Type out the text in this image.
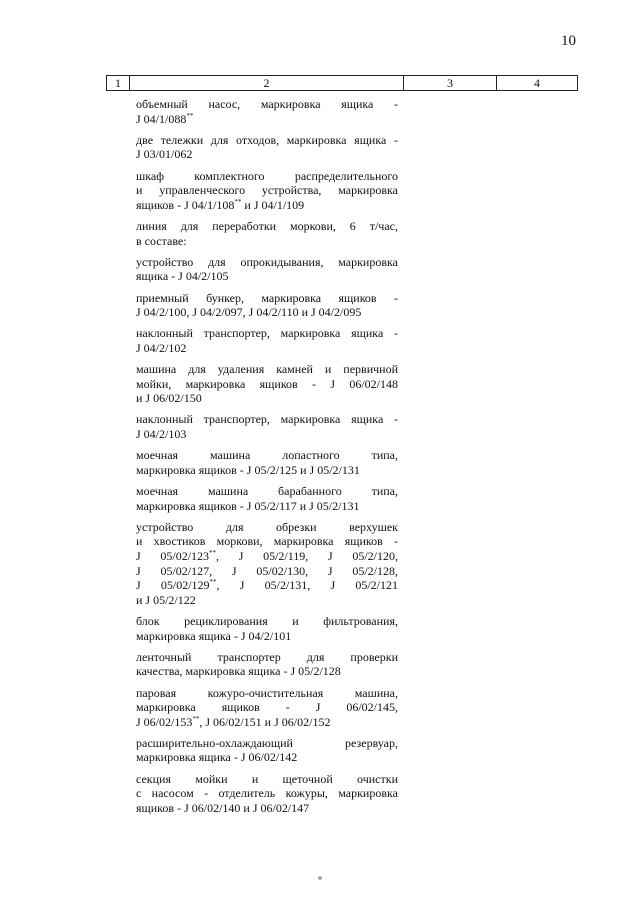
10
1	2	3	4
объемный насос, маркировка ящика -
J 04/1/088**
две тележки для отходов, маркировка ящика -
J 03/01/062
шкаф комплектного распределительного
и управленческого устройства, маркировка
ящиков - J 04/1/108** и J 04/1/109
линия для переработки моркови, 6 т/час,
в составе:
устройство для опрокидывания, маркировка
ящика - J 04/2/105
приемный бункер, маркировка ящиков -
J 04/2/100, J 04/2/097, J 04/2/110 и J 04/2/095
наклонный транспортер, маркировка ящика -
J 04/2/102
машина для удаления камней и первичной
мойки, маркировка ящиков - J 06/02/148
и J 06/02/150
наклонный транспортер, маркировка ящика -
J 04/2/103
моечная машина лопастного типа,
маркировка ящиков - J 05/2/125 и J 05/2/131
моечная машина барабанного типа,
маркировка ящиков - J 05/2/117 и J 05/2/131
устройство для обрезки верхушек
и хвостиков моркови, маркировка ящиков -
J 05/02/123**, J 05/2/119, J 05/2/120,
J 05/02/127, J 05/02/130, J 05/2/128,
J 05/02/129**, J 05/2/131, J 05/2/121
и J 05/2/122
блок рециклирования и фильтрования,
маркировка ящика - J 04/2/101
ленточный транспортер для проверки
качества, маркировка ящика - J 05/2/128
паровая кожуро-очистительная машина,
маркировка ящиков - J 06/02/145,
J 06/02/153**, J 06/02/151 и J 06/02/152
расширительно-охлаждающий резервуар,
маркировка ящика - J 06/02/142
секция мойки и щеточной очистки
с насосом - отделитель кожуры, маркировка
ящиков - J 06/02/140 и J 06/02/147
